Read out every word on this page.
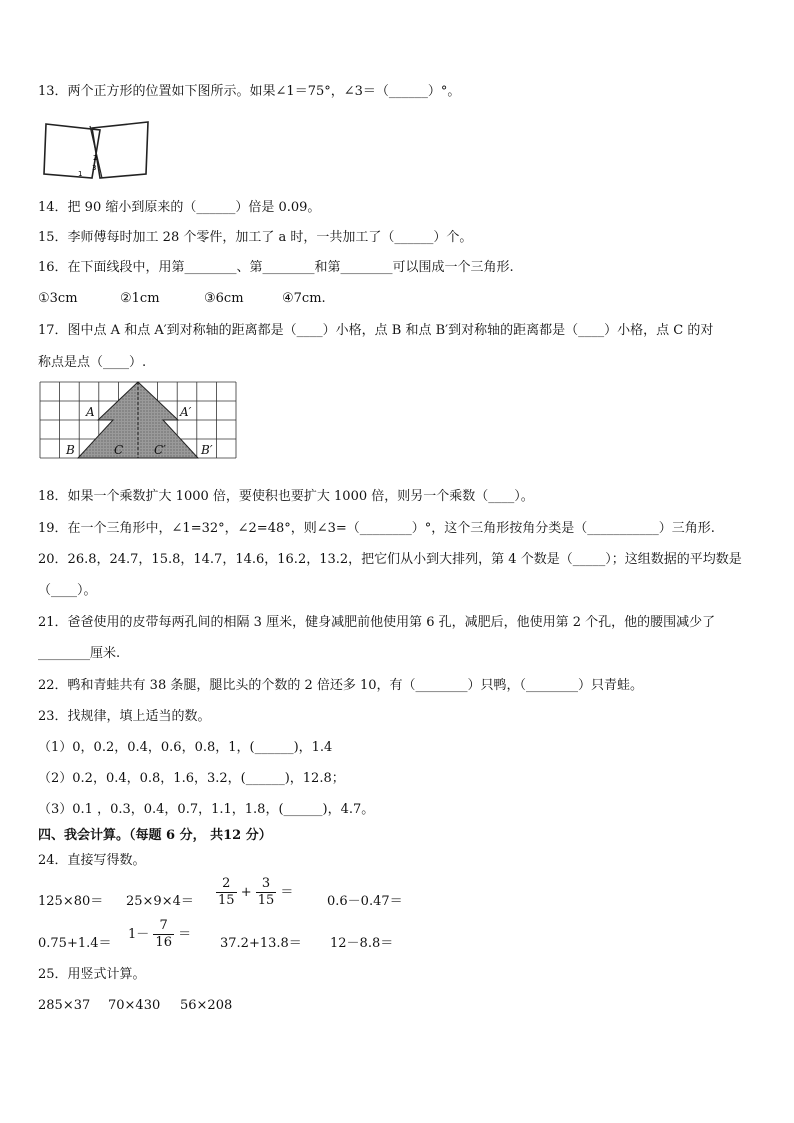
13．两个正方形的位置如下图所示。如果∠1＝75°，∠3＝（______）°。
1
2
3
14．把 90 缩小到原来的（______）倍是 0.09。
15．李师傅每时加工 28 个零件，加工了 a 时，一共加工了（______）个。
16．在下面线段中，用第________、第________和第________可以围成一个三角形.
①3cm	②1cm	③6cm	④7cm.
17．图中点 A 和点 A′到对称轴的距离都是（____）小格，点 B 和点 B′到对称轴的距离都是（____）小格，点 C 的对
称点是点（____）.
A	A′
B	B′
C	C′
18．如果一个乘数扩大 1000 倍，要使积也要扩大 1000 倍，则另一个乘数（____）。
19．在一个三角形中，∠1=32°，∠2=48°，则∠3=（________）°，这个三角形按角分类是（___________）三角形.
20．26.8，24.7，15.8，14.7，14.6，16.2，13.2，把它们从小到大排列，第 4 个数是（_____）；这组数据的平均数是
（____）。
21．爸爸使用的皮带每两孔间的相隔 3 厘米，健身减肥前他使用第 6 孔，减肥后，他使用第 2 个孔，他的腰围减少了
________厘米.
22．鸭和青蛙共有 38 条腿，腿比头的个数的 2 倍还多 10，有（________）只鸭，（________）只青蛙。
23．找规律，填上适当的数。
（1）0，0.2，0.4，0.6，0.8，1，(______)，1.4
（2）0.2，0.4，0.8，1.6，3.2，(______)，12.8；
（3）0.1 ，0.3，0.4，0.7，1.1，1.8，(______)，4.7。
四、我会计算。（每题 6 分， 共12 分）
24．直接写得数。
$125\times 80= 25\times 9\times 4= \frac{2}{15} + \frac{3}{15}$ ＝
0.6－0.47＝
0.75+1.4＝
$1- \frac{7}{16}$ ＝
37.2+13.8＝ 12－8.8＝
25．用竖式计算。
285×37 70×430 56×208
